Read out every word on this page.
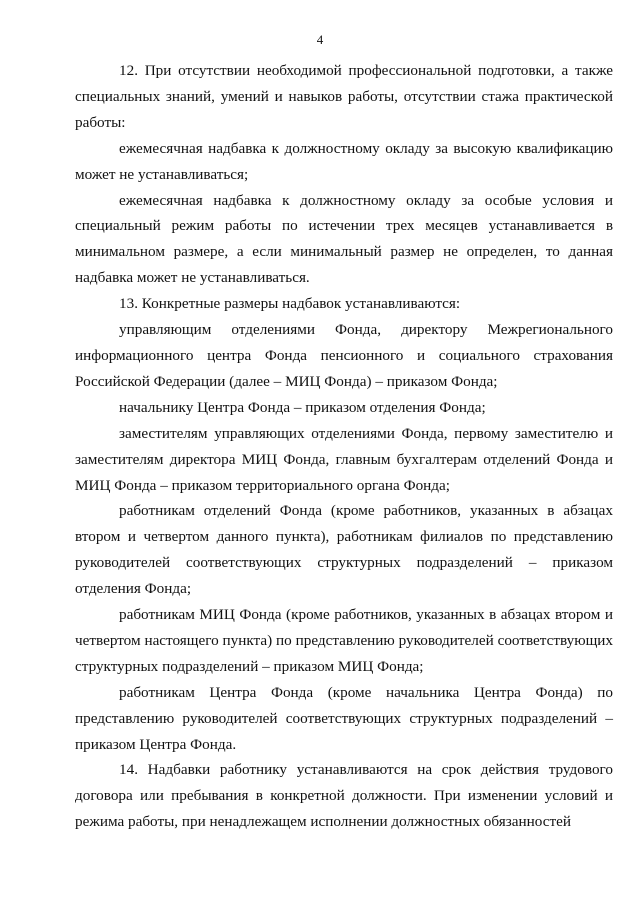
4

12. При отсутствии необходимой профессиональной подготовки, а также специальных знаний, умений и навыков работы, отсутствии стажа практической работы:

ежемесячная надбавка к должностному окладу за высокую квалификацию может не устанавливаться;

ежемесячная надбавка к должностному окладу за особые условия и специальный режим работы по истечении трех месяцев устанавливается в минимальном размере, а если минимальный размер не определен, то данная надбавка может не устанавливаться.

13. Конкретные размеры надбавок устанавливаются:

управляющим отделениями Фонда, директору Межрегионального информационного центра Фонда пенсионного и социального страхования Российской Федерации (далее – МИЦ Фонда) – приказом Фонда;

начальнику Центра Фонда – приказом отделения Фонда;

заместителям управляющих отделениями Фонда, первому заместителю и заместителям директора МИЦ Фонда, главным бухгалтерам отделений Фонда и МИЦ Фонда – приказом территориального органа Фонда;

работникам отделений Фонда (кроме работников, указанных в абзацах втором и четвертом данного пункта), работникам филиалов по представлению руководителей соответствующих структурных подразделений – приказом отделения Фонда;

работникам МИЦ Фонда (кроме работников, указанных в абзацах втором и четвертом настоящего пункта) по представлению руководителей соответствующих структурных подразделений – приказом МИЦ Фонда;

работникам Центра Фонда (кроме начальника Центра Фонда) по представлению руководителей соответствующих структурных подразделений – приказом Центра Фонда.

14. Надбавки работнику устанавливаются на срок действия трудового договора или пребывания в конкретной должности. При изменении условий и режима работы, при ненадлежащем исполнении должностных обязанностей
